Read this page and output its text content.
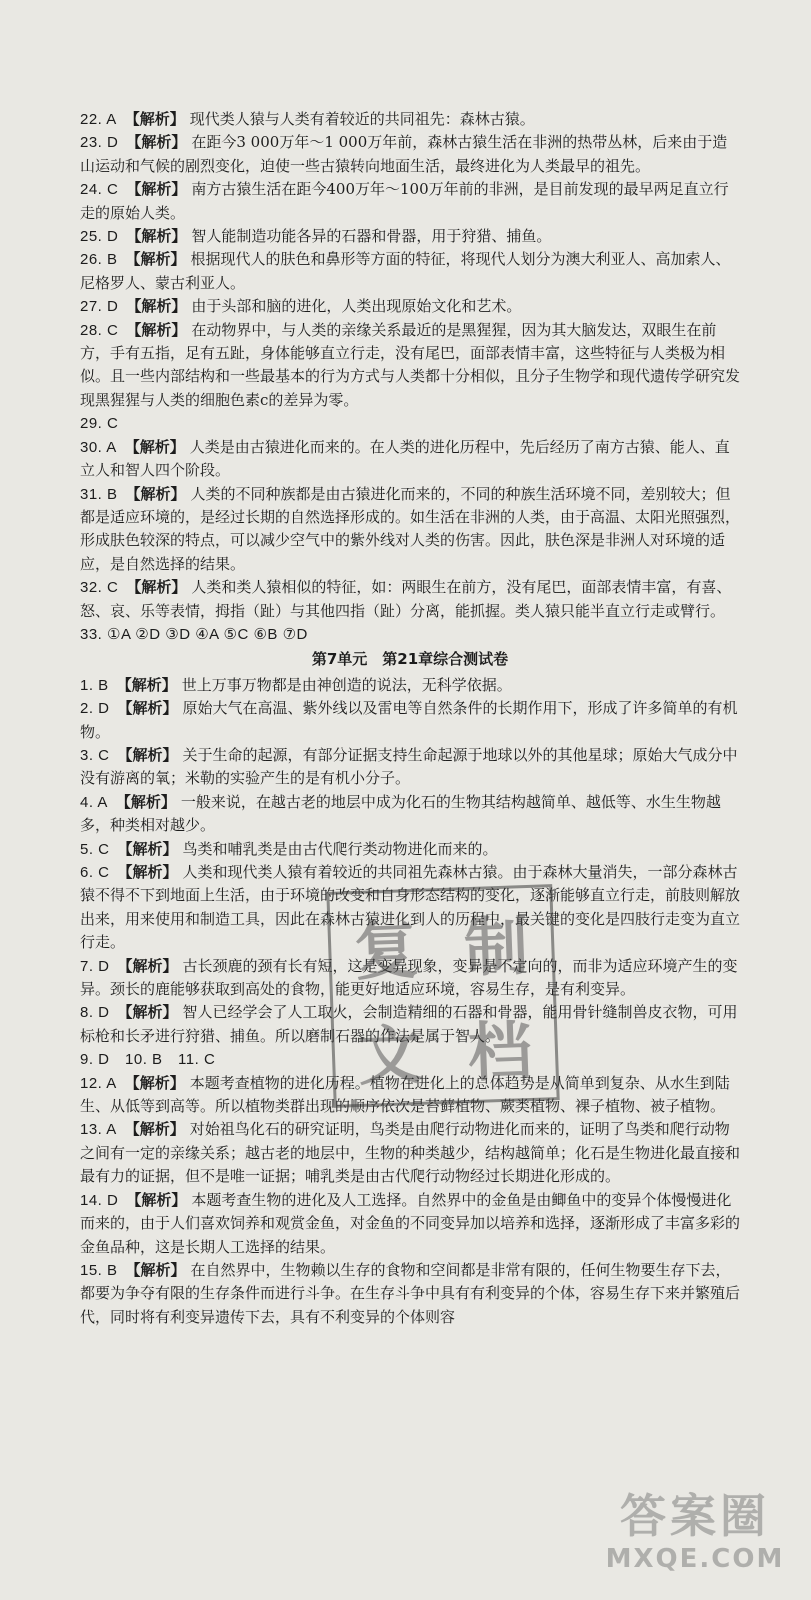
22. A 【解析】 现代类人猿与人类有着较近的共同祖先：森林古猿。

23. D 【解析】 在距今3 000万年～1 000万年前，森林古猿生活在非洲的热带丛林，后来由于造山运动和气候的剧烈变化，迫使一些古猿转向地面生活，最终进化为人类最早的祖先。

24. C 【解析】 南方古猿生活在距今400万年～100万年前的非洲，是目前发现的最早两足直立行走的原始人类。

25. D 【解析】 智人能制造功能各异的石器和骨器，用于狩猎、捕鱼。

26. B 【解析】 根据现代人的肤色和鼻形等方面的特征，将现代人划分为澳大利亚人、高加索人、尼格罗人、蒙古利亚人。

27. D 【解析】 由于头部和脑的进化，人类出现原始文化和艺术。

28. C 【解析】 在动物界中，与人类的亲缘关系最近的是黑猩猩，因为其大脑发达，双眼生在前方，手有五指，足有五趾，身体能够直立行走，没有尾巴，面部表情丰富，这些特征与人类极为相似。且一些内部结构和一些最基本的行为方式与人类都十分相似，且分子生物学和现代遗传学研究发现黑猩猩与人类的细胞色素c的差异为零。

29. C

30. A 【解析】 人类是由古猿进化而来的。在人类的进化历程中，先后经历了南方古猿、能人、直立人和智人四个阶段。

31. B 【解析】 人类的不同种族都是由古猿进化而来的，不同的种族生活环境不同，差别较大；但都是适应环境的，是经过长期的自然选择形成的。如生活在非洲的人类，由于高温、太阳光照强烈，形成肤色较深的特点，可以减少空气中的紫外线对人类的伤害。因此，肤色深是非洲人对环境的适应，是自然选择的结果。

32. C 【解析】 人类和类人猿相似的特征，如：两眼生在前方，没有尾巴，面部表情丰富，有喜、怒、哀、乐等表情，拇指（趾）与其他四指（趾）分离，能抓握。类人猿只能半直立行走或臂行。

33. ①A ②D ③D ④A ⑤C ⑥B ⑦D

第7单元　第21章综合测试卷

1. B 【解析】 世上万事万物都是由神创造的说法，无科学依据。

2. D 【解析】 原始大气在高温、紫外线以及雷电等自然条件的长期作用下，形成了许多简单的有机物。

3. C 【解析】 关于生命的起源，有部分证据支持生命起源于地球以外的其他星球；原始大气成分中没有游离的氧；米勒的实验产生的是有机小分子。

4. A 【解析】 一般来说，在越古老的地层中成为化石的生物其结构越简单、越低等、水生生物越多，种类相对越少。

5. C 【解析】 鸟类和哺乳类是由古代爬行类动物进化而来的。

6. C 【解析】 人类和现代类人猿有着较近的共同祖先森林古猿。由于森林大量消失，一部分森林古猿不得不下到地面上生活，由于环境的改变和自身形态结构的变化，逐渐能够直立行走，前肢则解放出来，用来使用和制造工具，因此在森林古猿进化到人的历程中，最关键的变化是四肢行走变为直立行走。

7. D 【解析】 古长颈鹿的颈有长有短，这是变异现象，变异是不定向的，而非为适应环境产生的变异。颈长的鹿能够获取到高处的食物，能更好地适应环境，容易生存，是有利变异。

8. D 【解析】 智人已经学会了人工取火，会制造精细的石器和骨器，能用骨针缝制兽皮衣物，可用标枪和长矛进行狩猎、捕鱼。所以磨制石器的作法是属于智人。

9. D　10. B　11. C

12. A 【解析】 本题考查植物的进化历程。植物在进化上的总体趋势是从简单到复杂、从水生到陆生、从低等到高等。所以植物类群出现的顺序依次是苔藓植物、蕨类植物、裸子植物、被子植物。

13. A 【解析】 对始祖鸟化石的研究证明，鸟类是由爬行动物进化而来的，证明了鸟类和爬行动物之间有一定的亲缘关系；越古老的地层中，生物的种类越少，结构越简单；化石是生物进化最直接和最有力的证据，但不是唯一证据；哺乳类是由古代爬行动物经过长期进化形成的。

14. D 【解析】 本题考查生物的进化及人工选择。自然界中的金鱼是由鲫鱼中的变异个体慢慢进化而来的，由于人们喜欢饲养和观赏金鱼，对金鱼的不同变异加以培养和选择，逐渐形成了丰富多彩的金鱼品种，这是长期人工选择的结果。

15. B 【解析】 在自然界中，生物赖以生存的食物和空间都是非常有限的，任何生物要生存下去，都要为争夺有限的生存条件而进行斗争。在生存斗争中具有有利变异的个体，容易生存下来并繁殖后代，同时将有利变异遗传下去，具有不利变异的个体则容

复 制
文 档
答案圈
MXQE.COM
